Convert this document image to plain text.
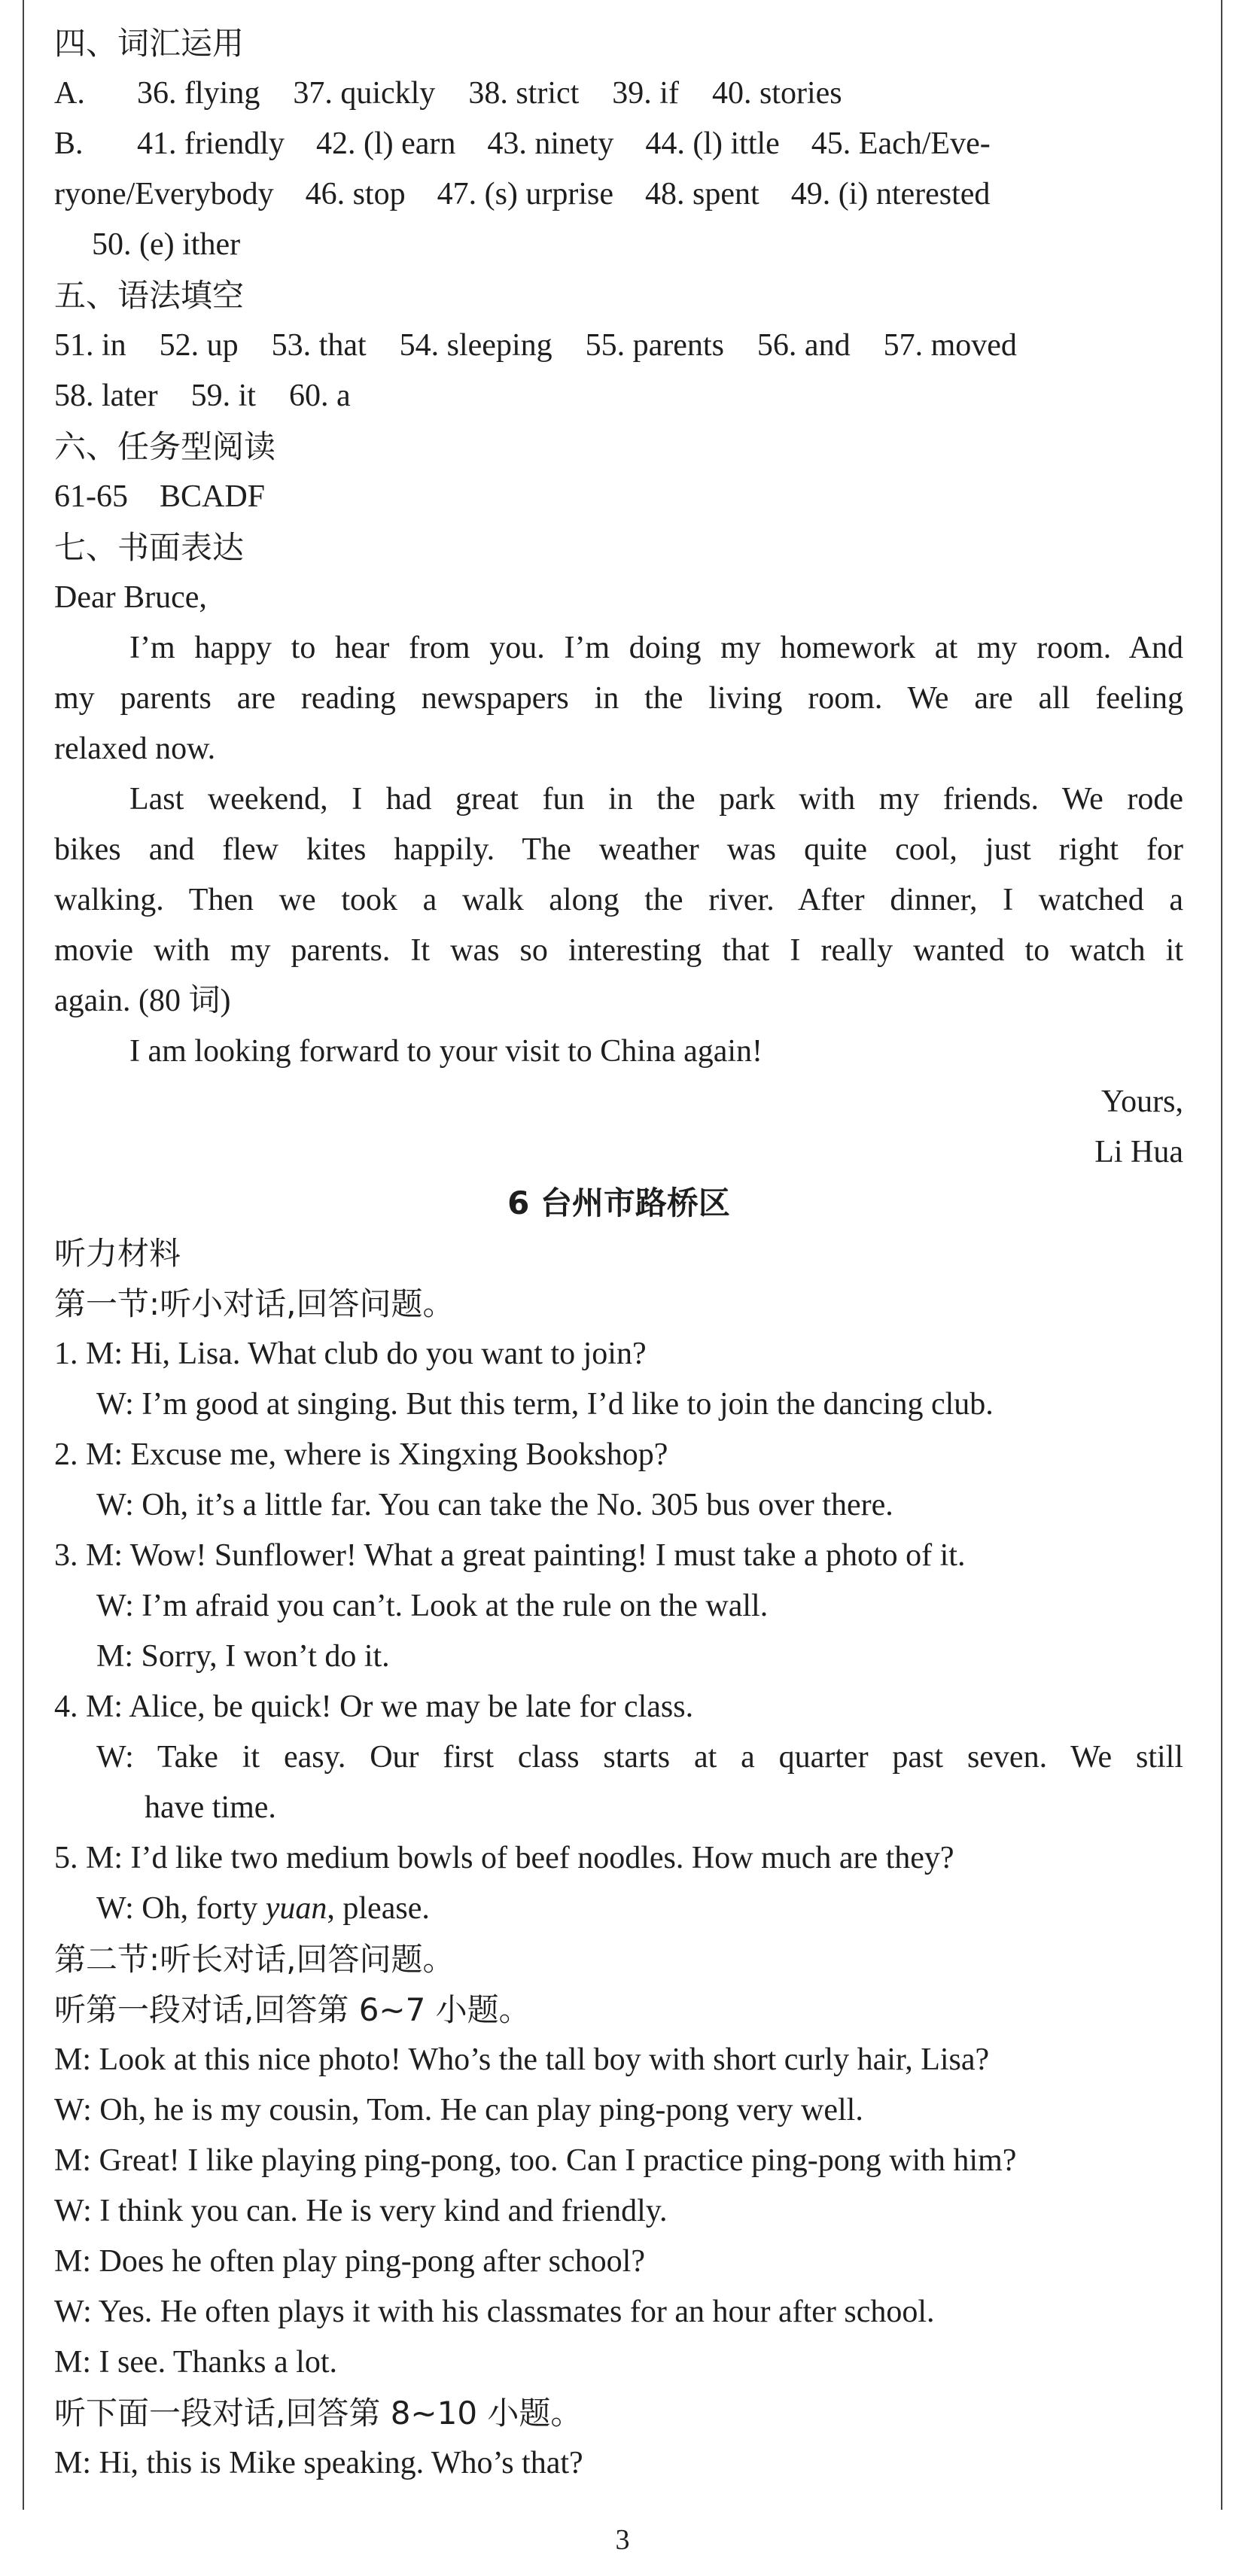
四、词汇运用
A. 36. flying 37. quickly 38. strict 39. if 40. stories
B. 41. friendly    42. (l) earn    43. ninety    44. (l) ittle    45. Each/Eve-
ryone/Everybody    46. stop    47. (s) urprise    48. spent    49. (i) nterested
50. (e) ither
五、语法填空
51. in 52. up 53. that 54. sleeping 55. parents 56. and 57. moved
58. later 59. it 60. a
六、任务型阅读
61-65    BCADF
七、书面表达
Dear Bruce,
I’m happy to hear from you. I’m doing my homework at my room. And
my parents are reading newspapers in the living room. We are all feeling
relaxed now.
Last weekend, I had great fun in the park with my friends. We rode
bikes and flew kites happily. The weather was quite cool, just right for
walking. Then we took a walk along the river. After dinner, I watched a
movie with my parents. It was so interesting that I really wanted to watch it
again. (80 词)
I am looking forward to your visit to China again!
Yours,
Li Hua
6 台州市路桥区
听力材料
第一节:听小对话,回答问题。
1. M: Hi, Lisa. What club do you want to join?
W: I’m good at singing. But this term, I’d like to join the dancing club.
2. M: Excuse me, where is Xingxing Bookshop?
W: Oh, it’s a little far. You can take the No. 305 bus over there.
3. M: Wow! Sunflower! What a great painting! I must take a photo of it.
W: I’m afraid you can’t. Look at the rule on the wall.
M: Sorry, I won’t do it.
4. M: Alice, be quick! Or we may be late for class.
W: Take it easy. Our first class starts at a quarter past seven. We still
have time.
5. M: I’d like two medium bowls of beef noodles. How much are they?
W: Oh, forty yuan, please.
第二节:听长对话,回答问题。
听第一段对话,回答第 6~7 小题。
M: Look at this nice photo! Who’s the tall boy with short curly hair, Lisa?
W: Oh, he is my cousin, Tom. He can play ping-pong very well.
M: Great! I like playing ping-pong, too. Can I practice ping-pong with him?
W: I think you can. He is very kind and friendly.
M: Does he often play ping-pong after school?
W: Yes. He often plays it with his classmates for an hour after school.
M: I see. Thanks a lot.
听下面一段对话,回答第 8~10 小题。
M: Hi, this is Mike speaking. Who’s that?
3
